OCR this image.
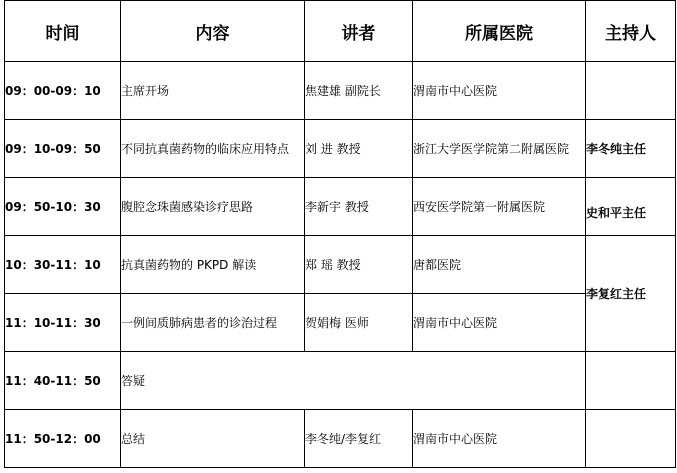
时间	内容	讲者	所属医院	主持人
09：00-09：10	主席开场	焦建雄 副院长	渭南市中心医院	
09：10-09：50	不同抗真菌药物的临床应用特点	刘 进 教授	浙江大学医学院第二附属医院	李冬纯主任
09：50-10：30	腹腔念珠菌感染诊疗思路	李新宇 教授	西安医学院第一附属医院	史和平主任

10：30-11：10	抗真菌药物的 PKPD 解读	郑 瑶 教授	唐都医院	李复红主任
11：10-11：30	一例间质肺病患者的诊治过程	贺娟梅 医师	渭南市中心医院	
11：40-11：50	答疑			
11：50-12：00	总结	李冬纯/李复红	渭南市中心医院	
